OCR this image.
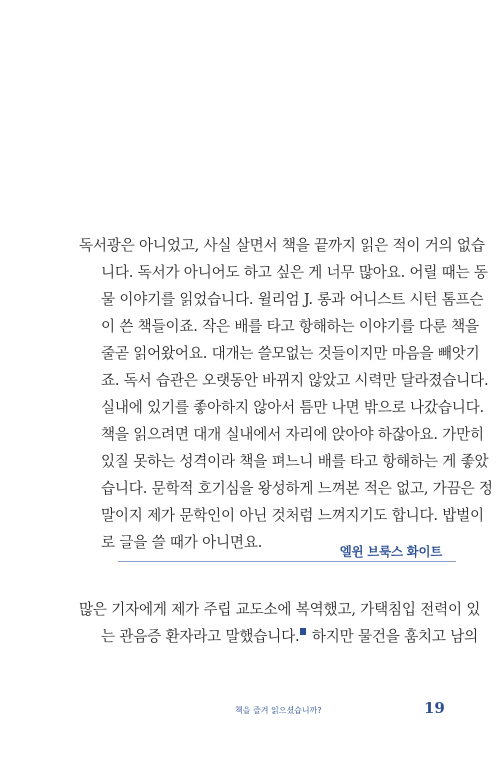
독서광은 아니었고, 사실 살면서 책을 끝까지 읽은 적이 거의 없습
니다. 독서가 아니어도 하고 싶은 게 너무 많아요. 어릴 때는 동
물 이야기를 읽었습니다. 윌리엄 J. 롱과 어니스트 시턴 톰프슨
이 쓴 책들이죠. 작은 배를 타고 항해하는 이야기를 다룬 책을
줄곧 읽어왔어요. 대개는 쓸모없는 것들이지만 마음을 빼앗기
죠. 독서 습관은 오랫동안 바뀌지 않았고 시력만 달라졌습니다.
실내에 있기를 좋아하지 않아서 틈만 나면 밖으로 나갔습니다.
책을 읽으려면 대개 실내에서 자리에 앉아야 하잖아요. 가만히
있질 못하는 성격이라 책을 펴느니 배를 타고 항해하는 게 좋았
습니다. 문학적 호기심을 왕성하게 느껴본 적은 없고, 가끔은 정
말이지 제가 문학인이 아닌 것처럼 느껴지기도 합니다. 밥벌이
로 글을 쓸 때가 아니면요.
엘윈 브룩스 화이트
많은 기자에게 제가 주립 교도소에 복역했고, 가택침입 전력이 있
는 관음증 환자라고 말했습니다. 하지만 물건을 훔치고 남의
책을 즐겨 읽으셨습니까?	19
